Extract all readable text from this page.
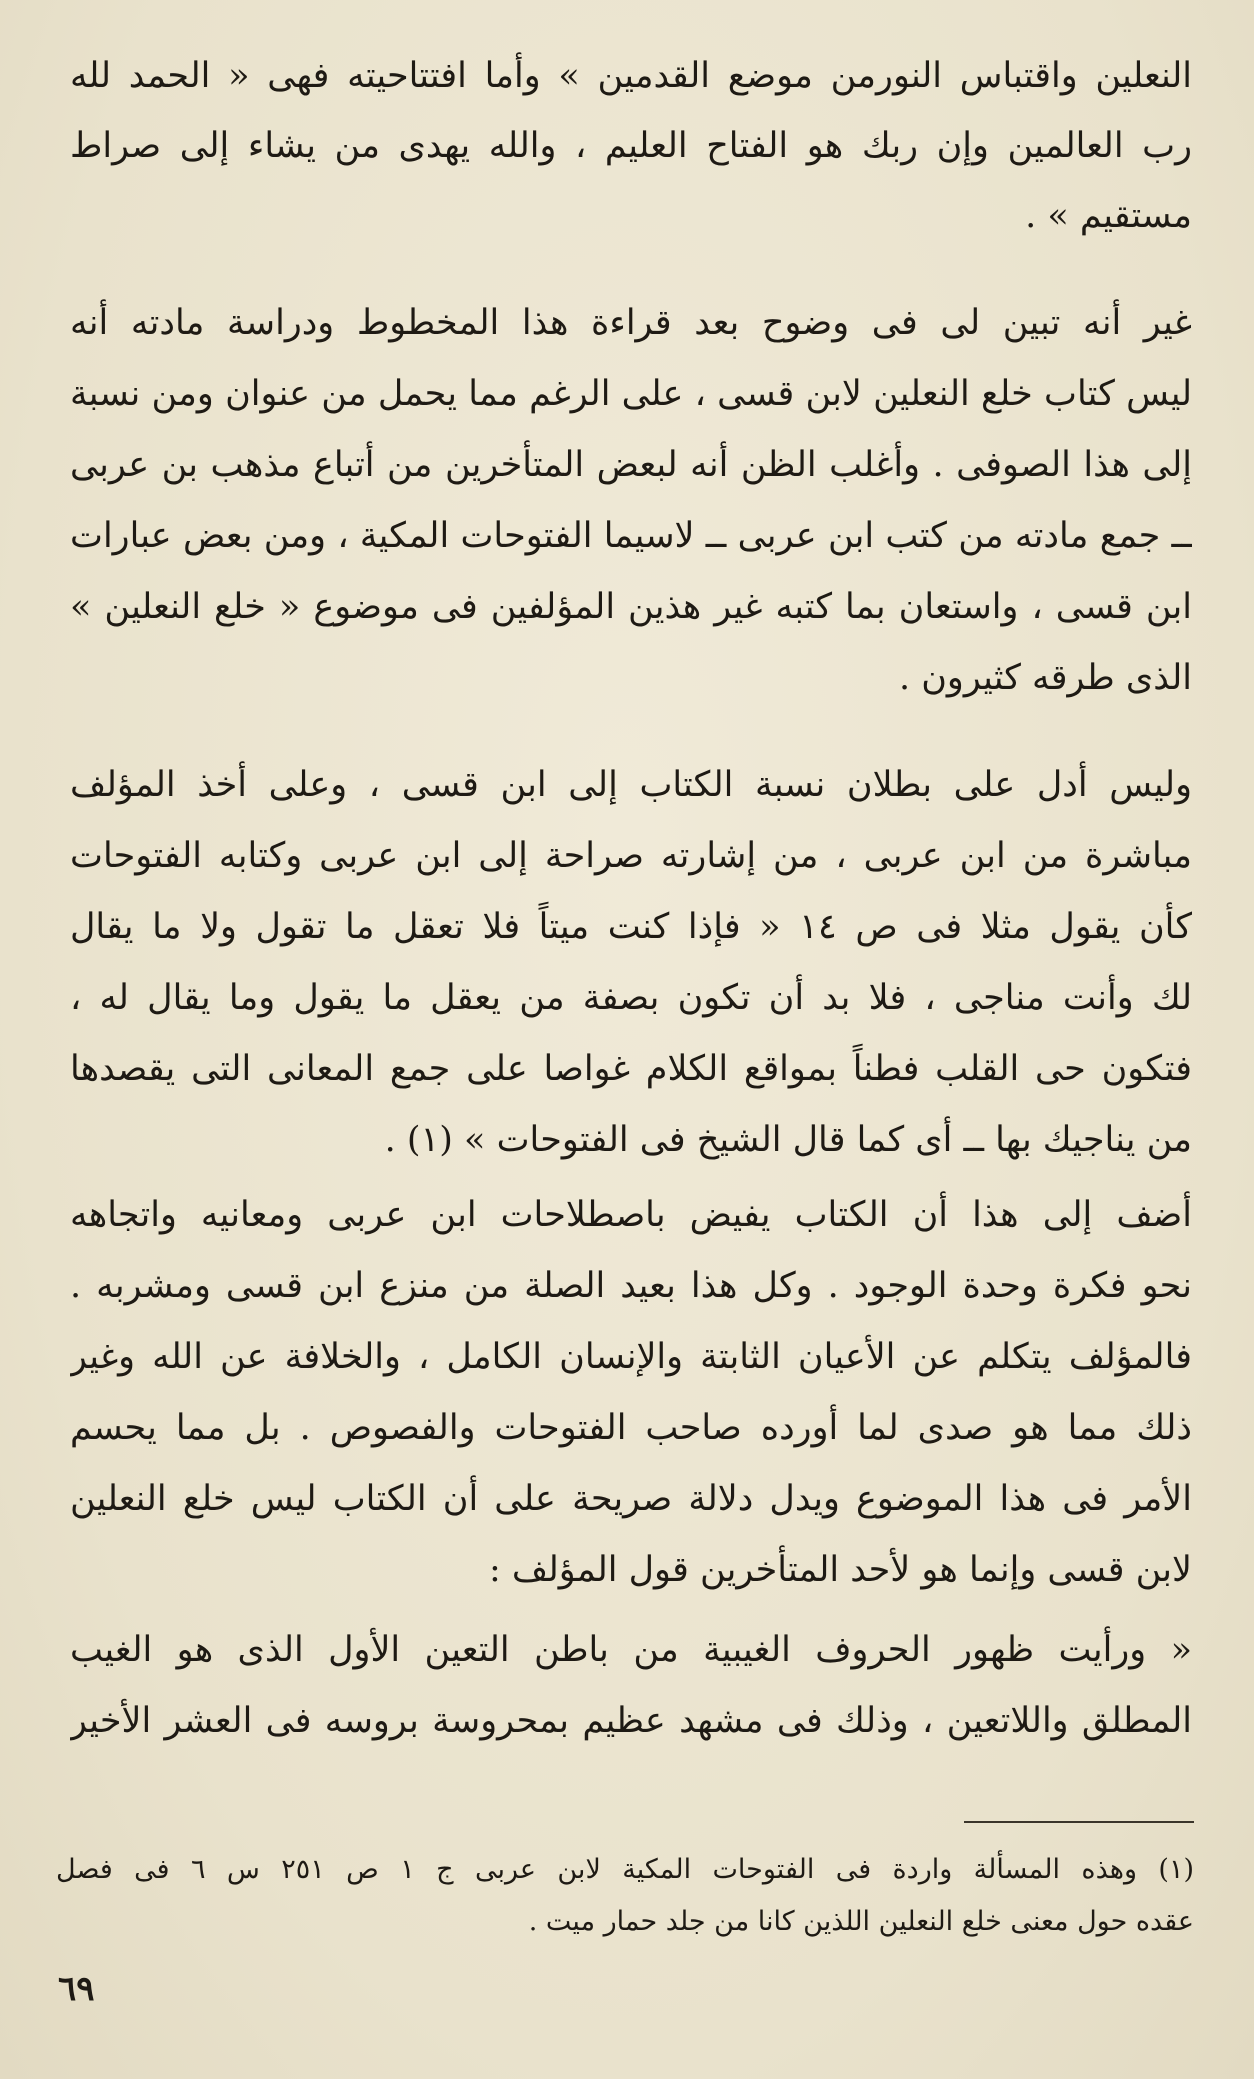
النعلين واقتباس النورمن موضع القدمين » وأما افتتاحيته فهى « الحمد لله
رب العالمين وإن ربك هو الفتاح العليم ، والله يهدى من يشاء إلى صراط
مستقيم » .
غير أنه تبين لى فى وضوح بعد قراءة هذا المخطوط ودراسة مادته أنه
ليس كتاب خلع النعلين لابن قسى ، على الرغم مما يحمل من عنوان ومن نسبة
إلى هذا الصوفى . وأغلب الظن أنه لبعض المتأخرين من أتباع مذهب بن عربى
ــ جمع مادته من كتب ابن عربى ــ لاسيما الفتوحات المكية ، ومن بعض عبارات
ابن قسى ، واستعان بما كتبه غير هذين المؤلفين فى موضوع « خلع النعلين »
الذى طرقه كثيرون .
وليس أدل على بطلان نسبة الكتاب إلى ابن قسى ، وعلى أخذ المؤلف
مباشرة من ابن عربى ، من إشارته صراحة إلى ابن عربى وكتابه الفتوحات
كأن يقول مثلا فى ص ١٤ « فإذا كنت ميتاً فلا تعقل ما تقول ولا ما يقال
لك وأنت مناجى ، فلا بد أن تكون بصفة من يعقل ما يقول وما يقال له ،
فتكون حى القلب فطناً بمواقع الكلام غواصا على جمع المعانى التى يقصدها
من يناجيك بها ــ أى كما قال الشيخ فى الفتوحات » (١) .
أضف إلى هذا أن الكتاب يفيض باصطلاحات ابن عربى ومعانيه واتجاهه
نحو فكرة وحدة الوجود . وكل هذا بعيد الصلة من منزع ابن قسى ومشربه .
فالمؤلف يتكلم عن الأعيان الثابتة والإنسان الكامل ، والخلافة عن الله وغير
ذلك مما هو صدى لما أورده صاحب الفتوحات والفصوص . بل مما يحسم
الأمر فى هذا الموضوع ويدل دلالة صريحة على أن الكتاب ليس خلع النعلين
لابن قسى وإنما هو لأحد المتأخرين قول المؤلف :
« ورأيت ظهور الحروف الغيبية من باطن التعين الأول الذى هو الغيب
المطلق واللاتعين ، وذلك فى مشهد عظيم بمحروسة بروسه فى العشر الأخير
(١) وهذه المسألة واردة فى الفتوحات المكية لابن عربى ج ١ ص ٢٥١ س ٦ فى فصل
عقده حول معنى خلع النعلين اللذين كانا من جلد حمار ميت .
٦٩
